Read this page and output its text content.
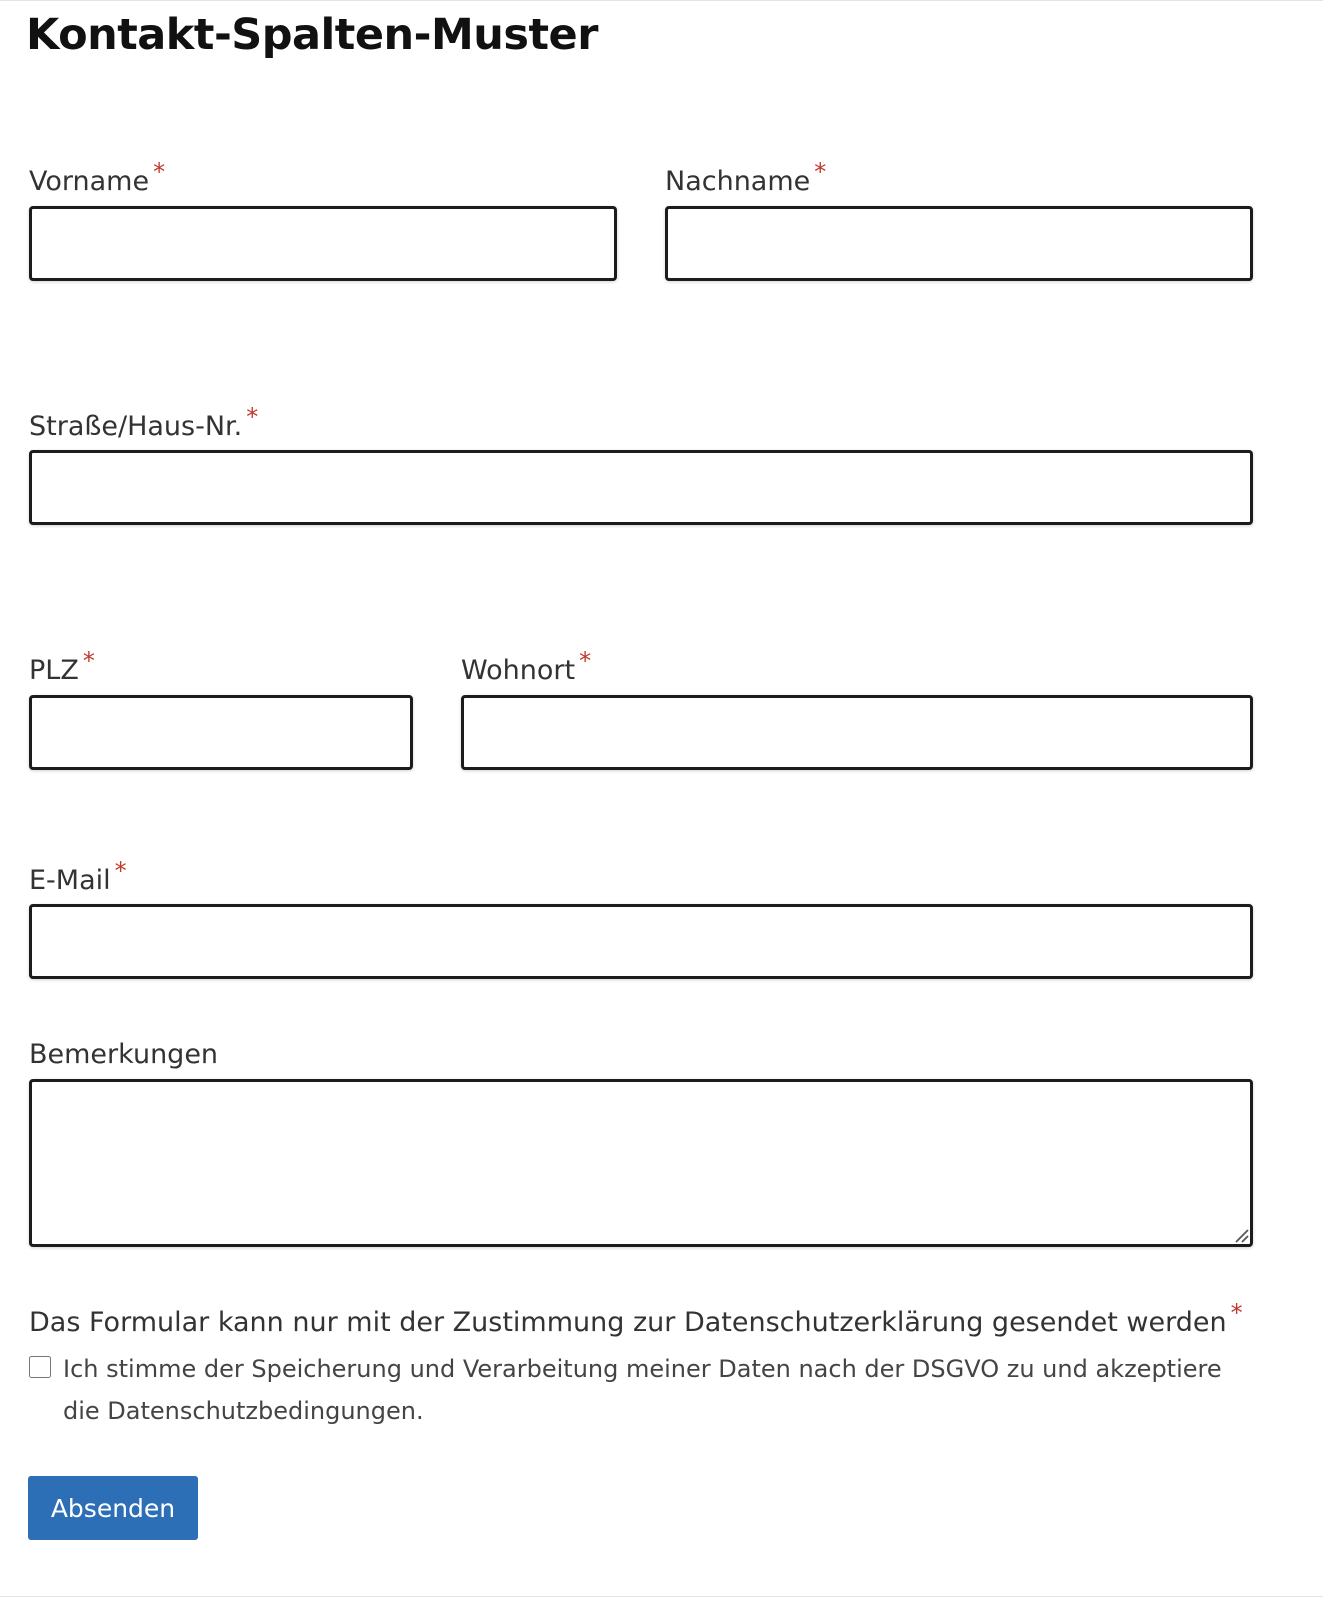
Kontakt-Spalten-Muster
Vorname *	Nachname *
Straße/Haus-Nr. *
PLZ *	Wohnort *
E-Mail *
Bemerkungen
Das Formular kann nur mit der Zustimmung zur Datenschutzerklärung gesendet werden *
Ich stimme der Speicherung und Verarbeitung meiner Daten nach der DSGVO zu und akzeptiere die Datenschutzbedingungen.
Absenden
